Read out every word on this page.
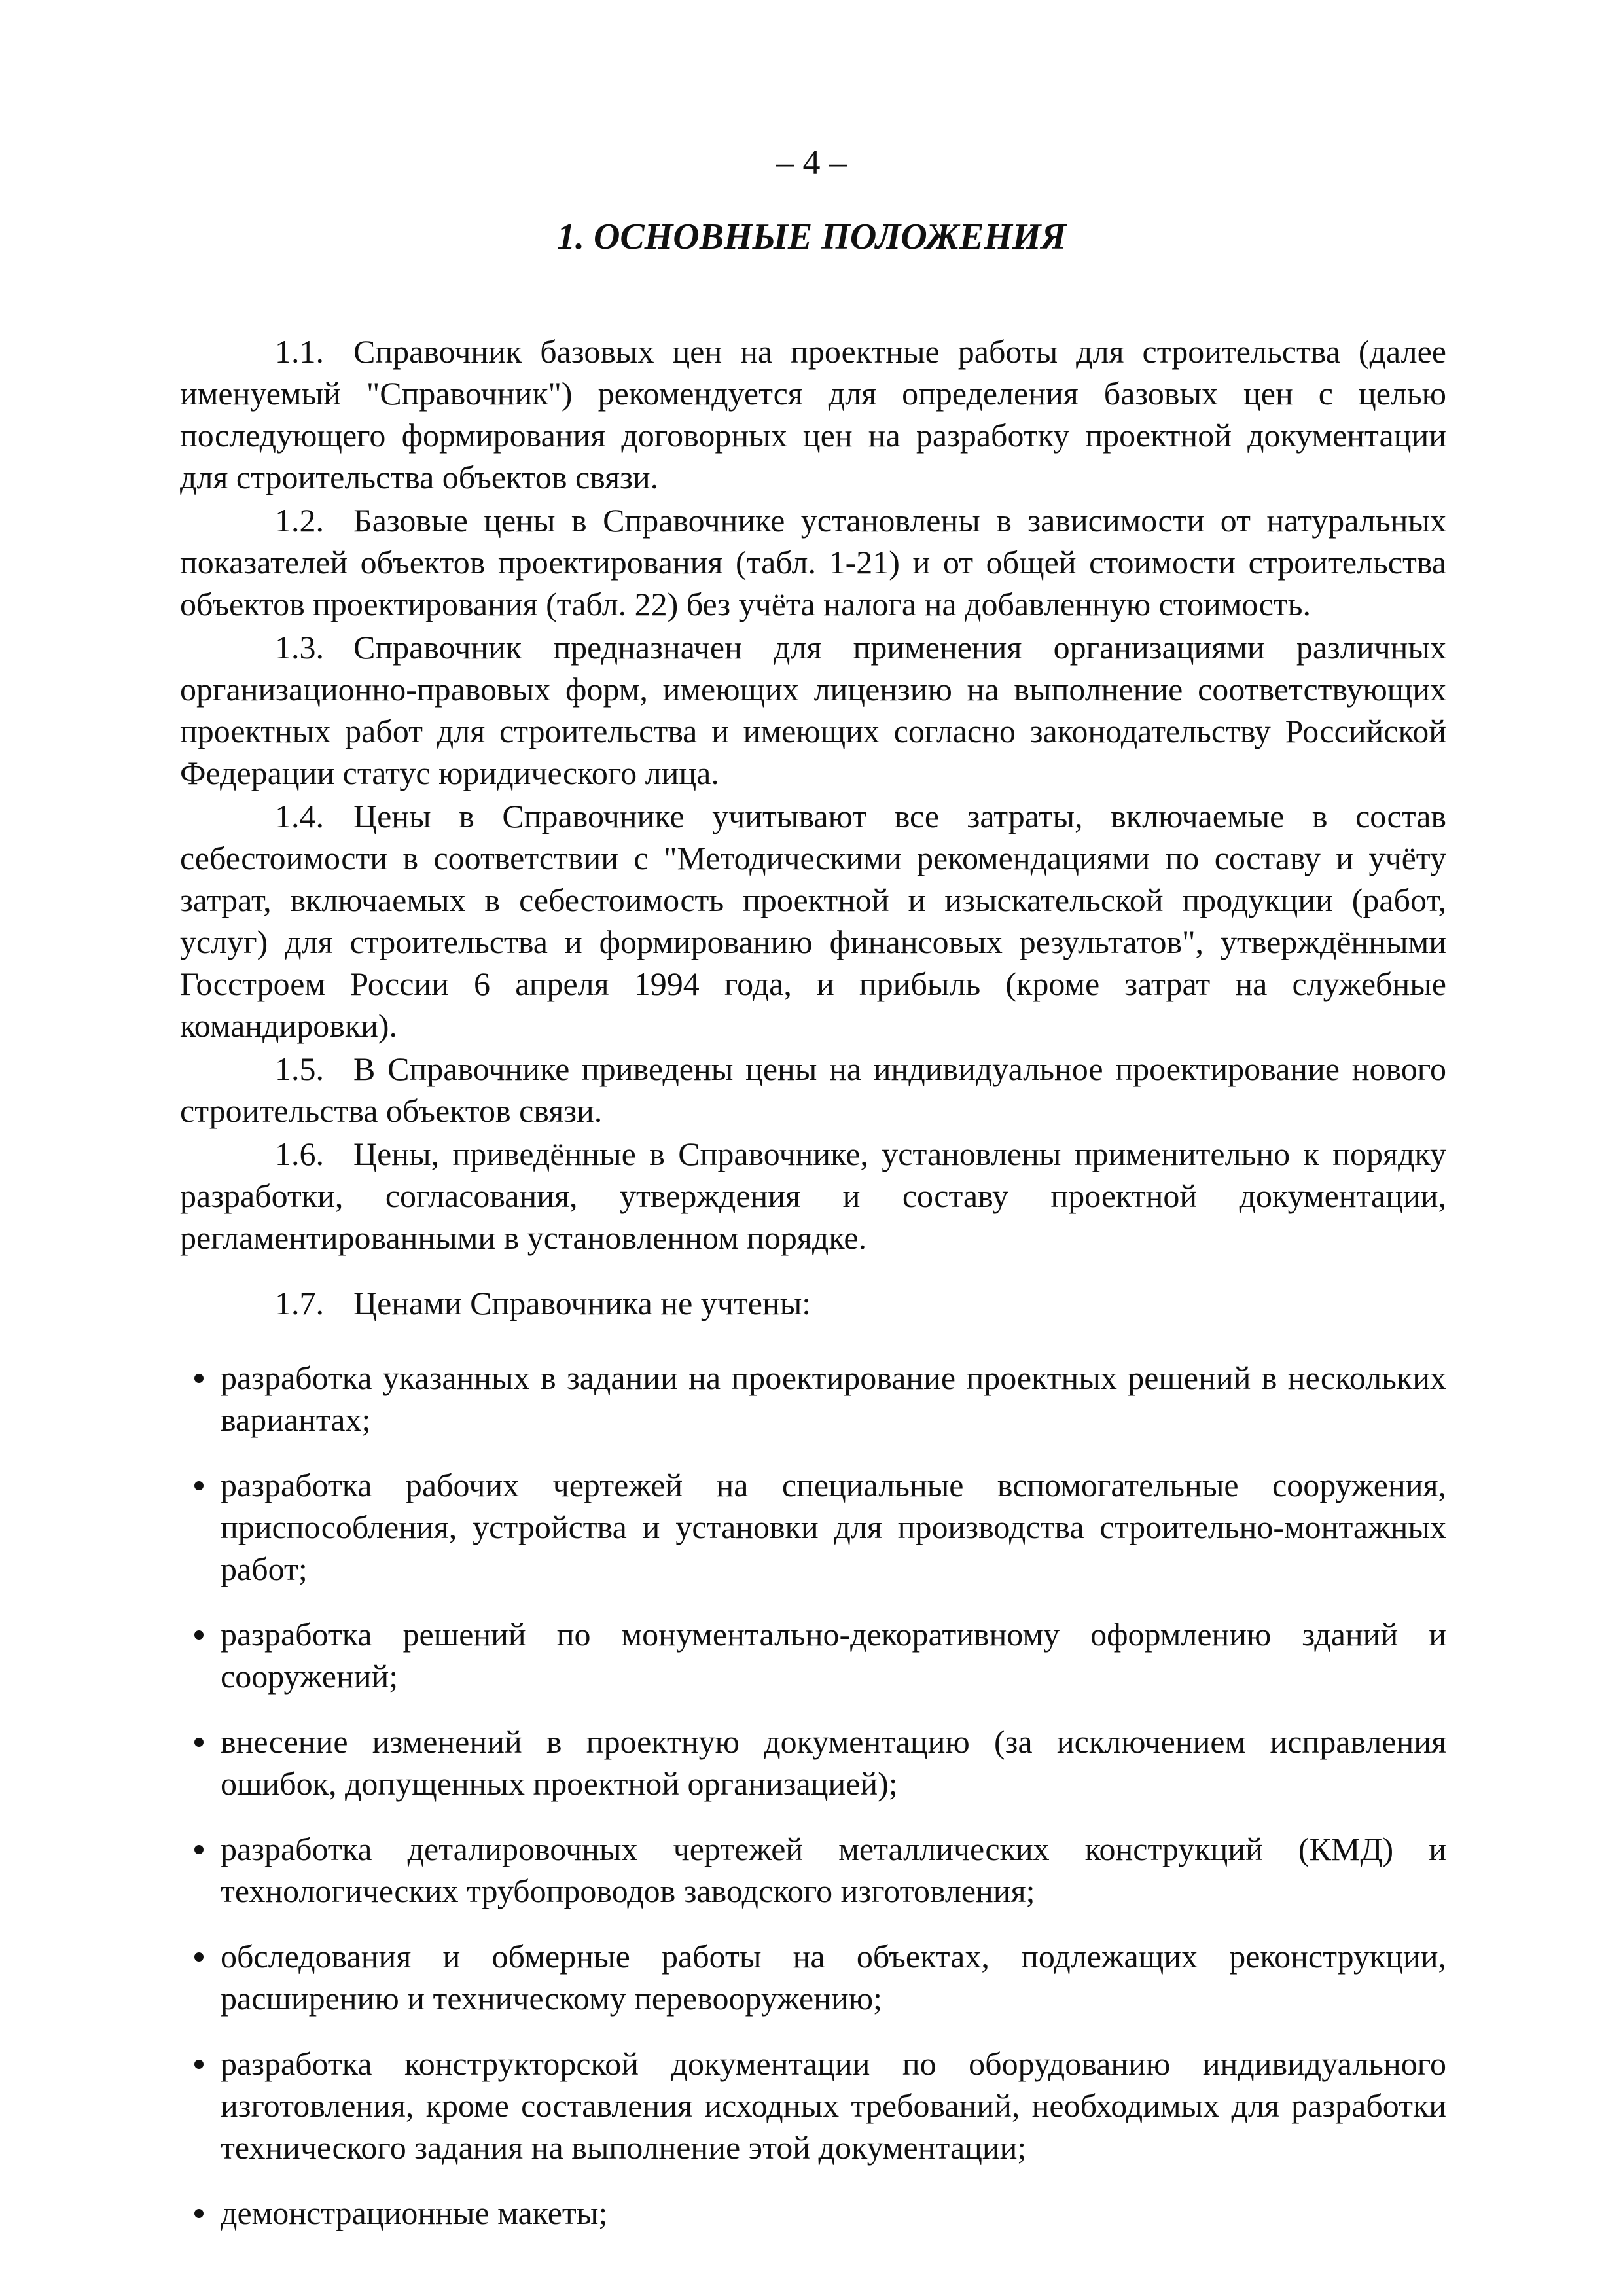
– 4 –
1. ОСНОВНЫЕ ПОЛОЖЕНИЯ

1.1. Справочник базовых цен на проектные работы для строительства (далее именуемый "Справочник") рекомендуется для определения базовых цен с целью последующего формирования договорных цен на разработку проектной документации для строительства объектов связи.

1.2. Базовые цены в Справочнике установлены в зависимости от натуральных показателей объектов проектирования (табл. 1-21) и от общей стоимости строительства объектов проектирования (табл. 22) без учёта налога на добавленную стоимость.

1.3. Справочник предназначен для применения организациями различных организационно-правовых форм, имеющих лицензию на выполнение соответствующих проектных работ для строительства и имеющих согласно законодательству Российской Федерации статус юридического лица.

1.4. Цены в Справочнике учитывают все затраты, включаемые в состав себестоимости в соответствии с "Методическими рекомендациями по составу и учёту затрат, включаемых в себестоимость проектной и изыскательской продукции (работ, услуг) для строительства и формированию финансовых результатов", утверждёнными Госстроем России 6 апреля 1994 года, и прибыль (кроме затрат на служебные командировки).

1.5. В Справочнике приведены цены на индивидуальное проектирование нового строительства объектов связи.

1.6. Цены, приведённые в Справочнике, установлены применительно к порядку разработки, согласования, утверждения и составу проектной документации, регламентированными в установленном порядке.

1.7. Ценами Справочника не учтены:

разработка указанных в задании на проектирование проектных решений в нескольких вариантах;
разработка рабочих чертежей на специальные вспомогательные сооружения, приспособления, устройства и установки для производства строительно-монтажных работ;
разработка решений по монументально-декоративному оформлению зданий и сооружений;
внесение изменений в проектную документацию (за исключением исправления ошибок, допущенных проектной организацией);
разработка деталировочных чертежей металлических конструкций (КМД) и технологических трубопроводов заводского изготовления;
обследования и обмерные работы на объектах, подлежащих реконструкции, расширению и техническому перевооружению;
разработка конструкторской документации по оборудованию индивидуального изготовления, кроме составления исходных требований, необходимых для разработки технического задания на выполнение этой документации;
демонстрационные макеты;
